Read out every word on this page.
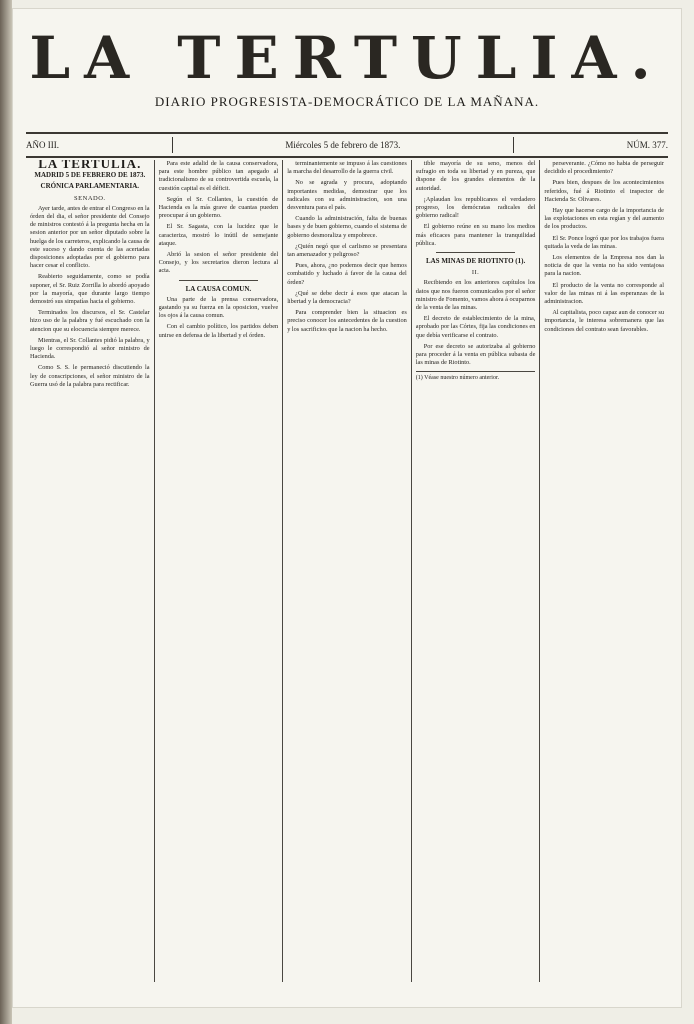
LA TERTULIA.
DIARIO PROGRESISTA-DEMOCRÁTICO DE LA MAÑANA.
AÑO III.	Miércoles 5 de febrero de 1873.	NÚM. 377.
LA TERTULIA.
MADRID 5 DE FEBRERO DE 1873.
CRÓNICA PARLAMENTARIA.
SENADO.

Ayer tarde, antes de entrar el Congreso en la órden del dia, el señor presidente del Consejo de ministros contestó á la pregunta hecha en la sesion anterior por un señor diputado sobre la huelga de los carreteros, explicando la causa de este suceso y dando cuenta de las acertadas disposiciones adoptadas por el gobierno para hacer cesar el conflicto.

Reabierto seguidamente, como se podía suponer, el Sr. Ruiz Zorrilla lo abordó apoyado por la mayoría, que durante largo tiempo demostró sus simpatías hacia el gobierno.

Terminados los discursos, el Sr. Castelar hizo uso de la palabra y fué escuchado con la atencion que su elocuencia siempre merece.

Mientras, el Sr. Collantes pidió la palabra, y luego le correspondió al señor ministro de Hacienda.

Como S. S. le permaneció discutiendo la ley de conscripciones, el señor ministro de la Guerra usó de la palabra para rectificar.

Para este adalid de la causa conservadora, para este hombre público tan apegado al tradicionalismo de su controvertida escuela, la cuestión capital es el déficit.

Según el Sr. Collantes, la cuestión de Hacienda es la más grave de cuantas pueden preocupar á un gobierno.

El Sr. Sagasta, con la lucidez que le caracteriza, mostró lo inútil de semejante ataque.

Abrió la sesion el señor presidente del Consejo, y los secretarios dieron lectura al acta.

LA CAUSA COMUN.

Una parte de la prensa conservadora, gastando ya su fuerza en la oposicion, vuelve los ojos á la causa comun.

Con el cambio político, los partidos deben unirse en defensa de la libertad y el órden.

terminantemente se impuso á las cuestiones la marcha del desarrollo de la guerra civil.

No se agrada y procura, adoptando importantes medidas, demostrar que los radicales con su administracion, son una desventura para el país.

Cuando la administración, falta de buenas bases y de buen gobierno, cuando el sistema de gobierno desmoraliza y empobrece.

¿Quién negó que el carlismo se presentara tan amenazador y peligroso?

Pues, ahora, ¿no podemos decir que hemos combatido y luchado á favor de la causa del órden?

¿Qué se debe decir á esos que atacan la libertad y la democracia?

Para comprender bien la situacion es preciso conocer los antecedentes de la cuestion y los sacrificios que la nacion ha hecho.

tible mayoría de su seno, menos del sufragio en toda su libertad y en pureza, que dispone de los grandes elementos de la autoridad.

¡Aplaudan los republicanos el verdadero progreso, los demócratas radicales del gobierno radical!

El gobierno reúne en su mano los medios más eficaces para mantener la tranquilidad pública.

LAS MINAS DE RIOTINTO (1).
II.

Recibiendo en los anteriores capítulos los datos que nos fueron comunicados por el señor ministro de Fomento, vamos ahora á ocuparnos de la venta de las minas.

El decreto de establecimiento de la mina, aprobado por las Córtes, fija las condiciones en que debía verificarse el contrato.

Por ese decreto se autorizaba al gobierno para proceder á la venta en pública subasta de las minas de Riotinto.

(1) Véase nuestro número anterior.

perseverante. ¿Cómo no habia de perseguir decidido el procedimiento?

Pues bien, despues de los acontecimientos referidos, fué á Riotinto el inspector de Hacienda Sr. Olivares.

Hay que hacerse cargo de la importancia de las explotaciones en esta regían y del aumento de los productos.

El Sr. Ponce logró que por los trabajos fuera quitada la veda de las minas.

Los elementos de la Empresa nos dan la noticia de que la venta no ha sido ventajosa para la nacion.

El producto de la venta no corresponde al valor de las minas ni á las esperanzas de la administracion.

Al capitalista, poco capaz aun de conocer su importancia, le interesa sobremanera que las condiciones del contrato sean favorables.
